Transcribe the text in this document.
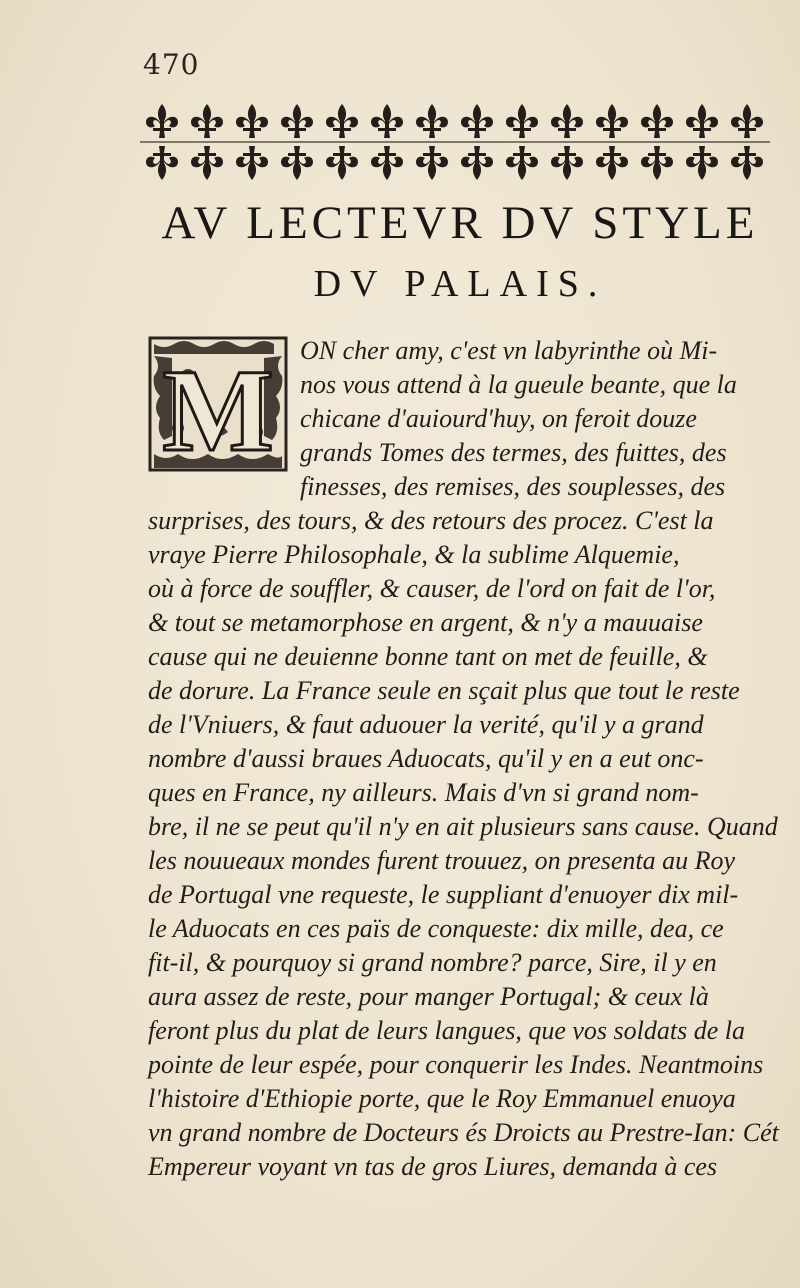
470
AV LECTEVR DV STYLE
DV PALAIS.
M ON cher amy, c'est vn labyrinthe où Mi-
nos vous attend à la gueule beante, que la
chicane d'auiourd'huy, on feroit douze
grands Tomes des termes, des fuittes, des
finesses, des remises, des souplesses, des
surprises, des tours, & des retours des procez. C'est la
vraye Pierre Philosophale, & la sublime Alquemie,
où à force de souffler, & causer, de l'ord on fait de l'or,
& tout se metamorphose en argent, & n'y a mauuaise
cause qui ne deuienne bonne tant on met de feuille, &
de dorure. La France seule en sçait plus que tout le reste
de l'Vniuers, & faut aduouer la verité, qu'il y a grand
nombre d'aussi braues Aduocats, qu'il y en a eut onc-
ques en France, ny ailleurs. Mais d'vn si grand nom-
bre, il ne se peut qu'il n'y en ait plusieurs sans cause. Quand
les nouueaux mondes furent trouuez, on presenta au Roy
de Portugal vne requeste, le suppliant d'enuoyer dix mil-
le Aduocats en ces païs de conqueste: dix mille, dea, ce
fit-il, & pourquoy si grand nombre? parce, Sire, il y en
aura assez de reste, pour manger Portugal; & ceux là
feront plus du plat de leurs langues, que vos soldats de la
pointe de leur espée, pour conquerir les Indes. Neantmoins
l'histoire d'Ethiopie porte, que le Roy Emmanuel enuoya
vn grand nombre de Docteurs és Droicts au Prestre-Ian: Cét
Empereur voyant vn tas de gros Liures, demanda à ces
